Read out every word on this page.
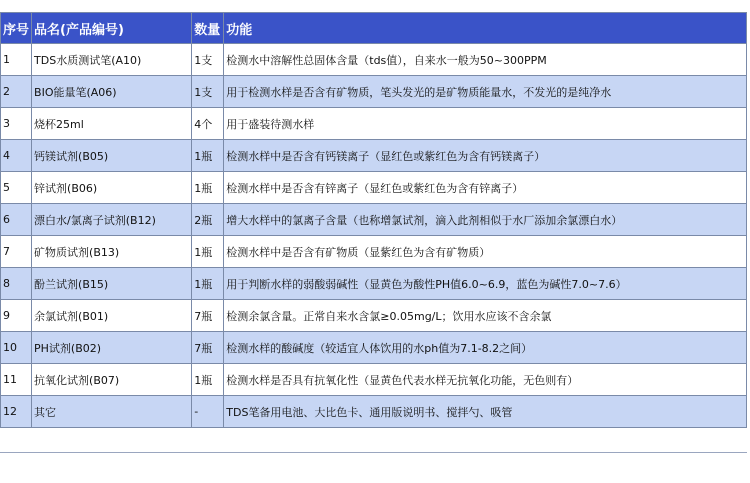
序号	品名(产品编号)	数量	功能
1	TDS水质测试笔(A10)	1支	检测水中溶解性总固体含量（tds值），自来水一般为50~300PPM
2	BIO能量笔(A06)	1支	用于检测水样是否含有矿物质，笔头发光的是矿物质能量水，不发光的是纯净水
3	烧杯25ml	4个	用于盛装待测水样
4	钙镁试剂(B05)	1瓶	检测水样中是否含有钙镁离子（显红色或紫红色为含有钙镁离子）
5	锌试剂(B06)	1瓶	检测水样中是否含有锌离子（显红色或紫红色为含有锌离子）
6	漂白水/氯离子试剂(B12)	2瓶	增大水样中的氯离子含量（也称增氯试剂，滴入此剂相似于水厂添加余氯漂白水）
7	矿物质试剂(B13)	1瓶	检测水样中是否含有矿物质（显紫红色为含有矿物质）
8	酚兰试剂(B15)	1瓶	用于判断水样的弱酸弱碱性（显黄色为酸性PH值6.0~6.9，蓝色为碱性7.0~7.6）
9	余氯试剂(B01)	7瓶	检测余氯含量。正常自来水含氯≥0.05mg/L；饮用水应该不含余氯
10	PH试剂(B02)	7瓶	检测水样的酸碱度（较适宜人体饮用的水ph值为7.1-8.2之间）
11	抗氧化试剂(B07)	1瓶	检测水样是否具有抗氧化性（显黄色代表水样无抗氧化功能，无色则有）
12	其它	-	TDS笔备用电池、大比色卡、通用版说明书、搅拌勺、吸管
